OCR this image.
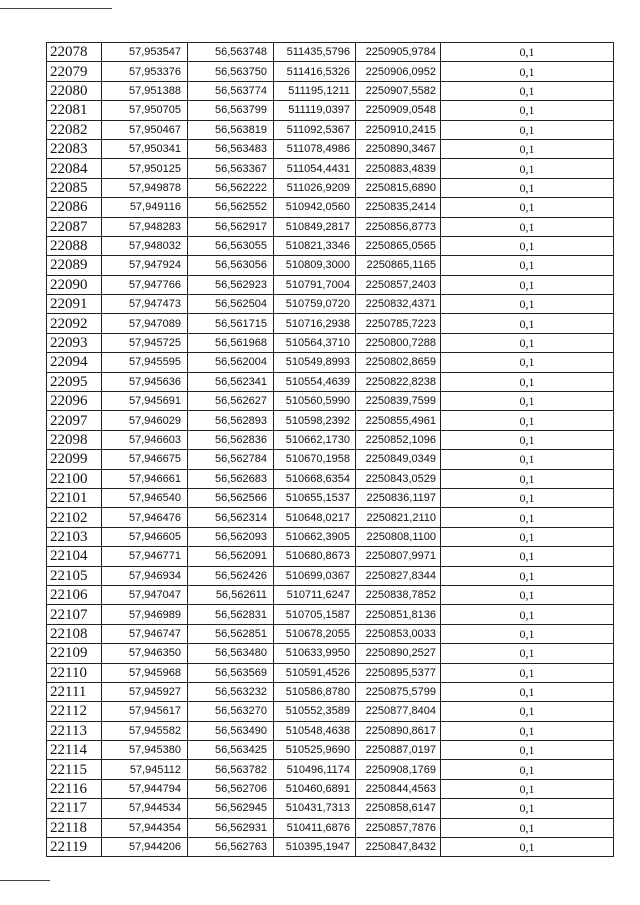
22078	57,953547	56,563748	511435,5796	2250905,9784	0,1
22079	57,953376	56,563750	511416,5326	2250906,0952	0,1
22080	57,951388	56,563774	511195,1211	2250907,5582	0,1
22081	57,950705	56,563799	511119,0397	2250909,0548	0,1
22082	57,950467	56,563819	511092,5367	2250910,2415	0,1
22083	57,950341	56,563483	511078,4986	2250890,3467	0,1
22084	57,950125	56,563367	511054,4431	2250883,4839	0,1
22085	57,949878	56,562222	511026,9209	2250815,6890	0,1
22086	57,949116	56,562552	510942,0560	2250835,2414	0,1
22087	57,948283	56,562917	510849,2817	2250856,8773	0,1
22088	57,948032	56,563055	510821,3346	2250865,0565	0,1
22089	57,947924	56,563056	510809,3000	2250865,1165	0,1
22090	57,947766	56,562923	510791,7004	2250857,2403	0,1
22091	57,947473	56,562504	510759,0720	2250832,4371	0,1
22092	57,947089	56,561715	510716,2938	2250785,7223	0,1
22093	57,945725	56,561968	510564,3710	2250800,7288	0,1
22094	57,945595	56,562004	510549,8993	2250802,8659	0,1
22095	57,945636	56,562341	510554,4639	2250822,8238	0,1
22096	57,945691	56,562627	510560,5990	2250839,7599	0,1
22097	57,946029	56,562893	510598,2392	2250855,4961	0,1
22098	57,946603	56,562836	510662,1730	2250852,1096	0,1
22099	57,946675	56,562784	510670,1958	2250849,0349	0,1
22100	57,946661	56,562683	510668,6354	2250843,0529	0,1
22101	57,946540	56,562566	510655,1537	2250836,1197	0,1
22102	57,946476	56,562314	510648,0217	2250821,2110	0,1
22103	57,946605	56,562093	510662,3905	2250808,1100	0,1
22104	57,946771	56,562091	510680,8673	2250807,9971	0,1
22105	57,946934	56,562426	510699,0367	2250827,8344	0,1
22106	57,947047	56,562611	510711,6247	2250838,7852	0,1
22107	57,946989	56,562831	510705,1587	2250851,8136	0,1
22108	57,946747	56,562851	510678,2055	2250853,0033	0,1
22109	57,946350	56,563480	510633,9950	2250890,2527	0,1
22110	57,945968	56,563569	510591,4526	2250895,5377	0,1
22111	57,945927	56,563232	510586,8780	2250875,5799	0,1
22112	57,945617	56,563270	510552,3589	2250877,8404	0,1
22113	57,945582	56,563490	510548,4638	2250890,8617	0,1
22114	57,945380	56,563425	510525,9690	2250887,0197	0,1
22115	57,945112	56,563782	510496,1174	2250908,1769	0,1
22116	57,944794	56,562706	510460,6891	2250844,4563	0,1
22117	57,944534	56,562945	510431,7313	2250858,6147	0,1
22118	57,944354	56,562931	510411,6876	2250857,7876	0,1
22119	57,944206	56,562763	510395,1947	2250847,8432	0,1
